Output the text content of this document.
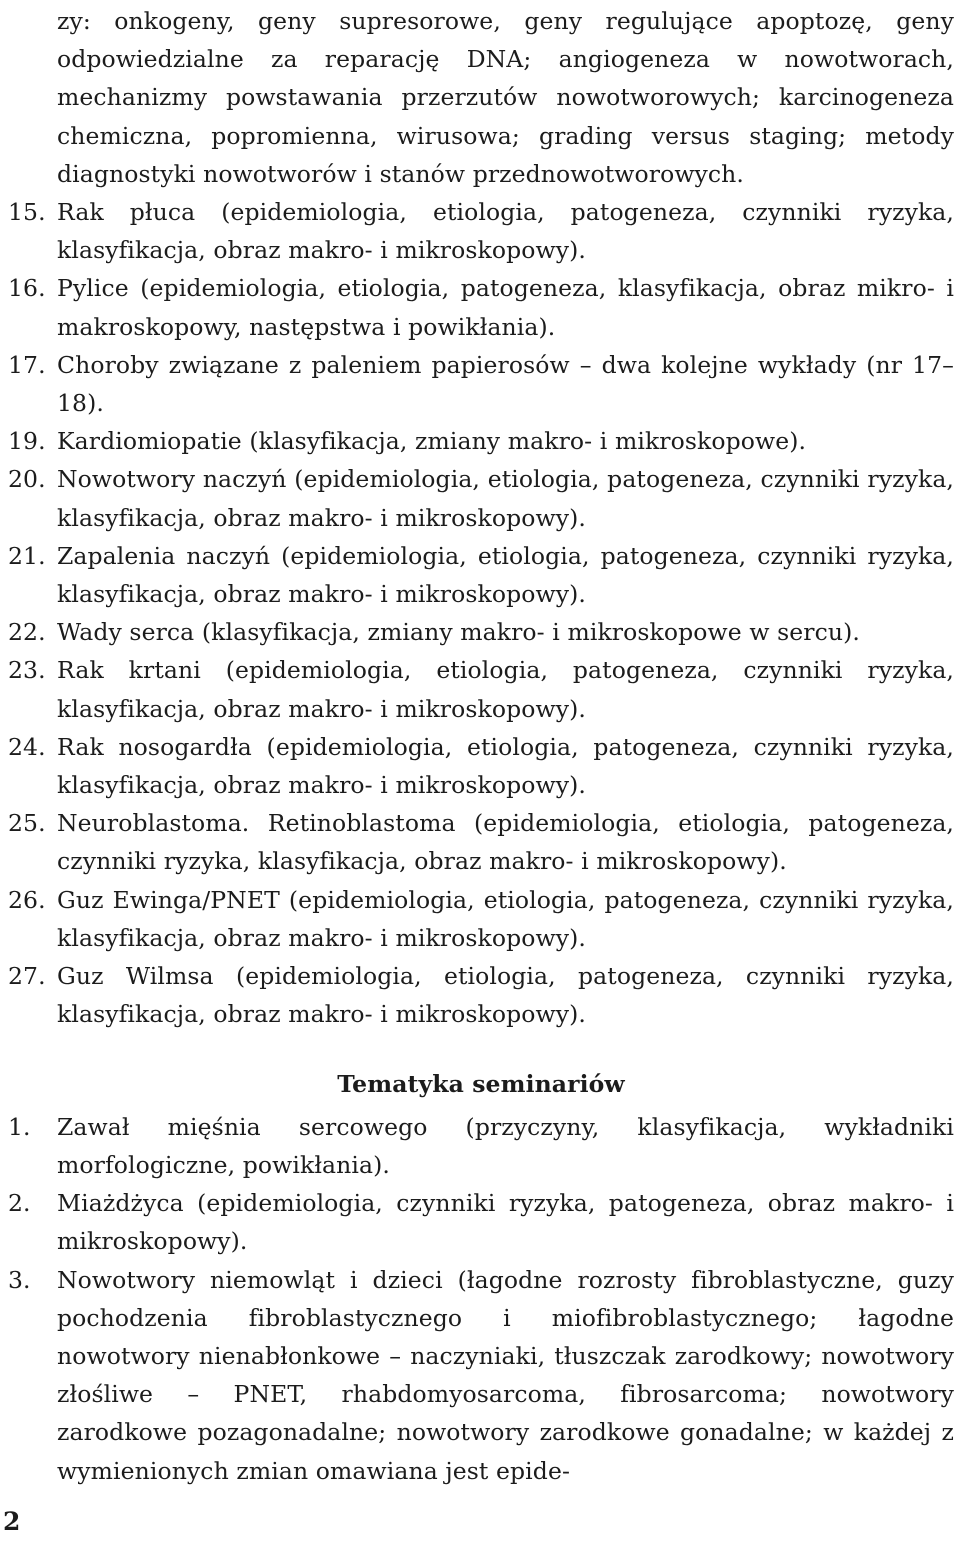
zy: onkogeny, geny supresorowe, geny regulujące apoptozę, geny odpowiedzialne za reparację DNA; angiogeneza w nowotworach, mechanizmy powstawania przerzutów nowotworowych; karcinogeneza chemiczna, popromienna, wirusowa; grading versus staging; metody diagnostyki nowotworów i stanów przednowotworowych.
15. Rak płuca (epidemiologia, etiologia, patogeneza, czynniki ryzyka, klasyfikacja, obraz makro- i mikroskopowy).
16. Pylice (epidemiologia, etiologia, patogeneza, klasyfikacja, obraz mikro- i makroskopowy, następstwa i powikłania).
17. Choroby związane z paleniem papierosów – dwa kolejne wykłady (nr 17–18).
19. Kardiomiopatie (klasyfikacja, zmiany makro- i mikroskopowe).
20. Nowotwory naczyń (epidemiologia, etiologia, patogeneza, czynniki ryzyka, klasyfikacja, obraz makro- i mikroskopowy).
21. Zapalenia naczyń (epidemiologia, etiologia, patogeneza, czynniki ryzyka, klasyfikacja, obraz makro- i mikroskopowy).
22. Wady serca (klasyfikacja, zmiany makro- i mikroskopowe w sercu).
23. Rak krtani (epidemiologia, etiologia, patogeneza, czynniki ryzyka, klasyfikacja, obraz makro- i mikroskopowy).
24. Rak nosogardła (epidemiologia, etiologia, patogeneza, czynniki ryzyka, klasyfikacja, obraz makro- i mikroskopowy).
25. Neuroblastoma. Retinoblastoma (epidemiologia, etiologia, patogeneza, czynniki ryzyka, klasyfikacja, obraz makro- i mikroskopowy).
26. Guz Ewinga/PNET (epidemiologia, etiologia, patogeneza, czynniki ryzyka, klasyfikacja, obraz makro- i mikroskopowy).
27. Guz Wilmsa (epidemiologia, etiologia, patogeneza, czynniki ryzyka, klasyfikacja, obraz makro- i mikroskopowy).
Tematyka seminariów
1.	Zawał mięśnia sercowego (przyczyny, klasyfikacja, wykładniki morfologiczne, powikłania).
2.	Miażdżyca (epidemiologia, czynniki ryzyka, patogeneza, obraz makro- i mikroskopowy).
3.	Nowotwory niemowląt i dzieci (łagodne rozrosty fibroblastyczne, guzy pochodzenia fibroblastycznego i miofibroblastycznego; łagodne nowotwory nienabłonkowe – naczyniaki, tłuszczak zarodkowy; nowotwory złośliwe – PNET, rhabdomyosarcoma, fibrosarcoma; nowotwory zarodkowe pozagonadalne; nowotwory zarodkowe gonadalne; w każdej z wymienionych zmian omawiana jest epide-
2
